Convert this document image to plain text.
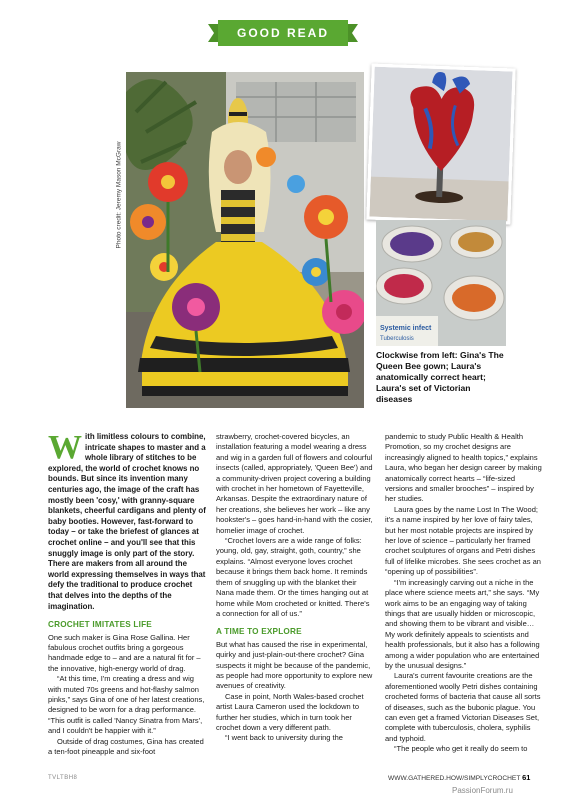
GOOD READ
Photo credit: Jeremy Mason McGraw
Systemic infect
Tuberculosis
Clockwise from left: Gina's The Queen Bee gown; Laura's anatomically correct heart; Laura's set of Victorian diseases

With limitless colours to combine, intricate shapes to master and a whole library of stitches to be explored, the world of crochet knows no bounds. But since its invention many centuries ago, the image of the craft has mostly been 'cosy,' with granny-square blankets, cheerful cardigans and plenty of baby booties. However, fast-forward to today – or take the briefest of glances at crochet online – and you'll see that this snuggly image is only part of the story. There are makers from all around the world expressing themselves in ways that defy the traditional to produce crochet that delves into the depths of the imagination.

CROCHET IMITATES LIFE

One such maker is Gina Rose Gallina. Her fabulous crochet outfits bring a gorgeous handmade edge to – and are a natural fit for – the innovative, high-energy world of drag.

“At this time, I'm creating a dress and wig with muted 70s greens and hot-flashy salmon pinks,” says Gina of one of her latest creations, designed to be worn for a drag performance. “This outfit is called 'Nancy Sinatra from Mars', and I couldn't be happier with it.”

Outside of drag costumes, Gina has created a ten-foot pineapple and six-foot

strawberry, crochet-covered bicycles, an installation featuring a model wearing a dress and wig in a garden full of flowers and colourful insects (called, appropriately, 'Queen Bee') and a community-driven project covering a building with crochet in her hometown of Fayetteville, Arkansas. Despite the extraordinary nature of her creations, she believes her work – like any hookster's – goes hand-in-hand with the cosier, homelier image of crochet.

“Crochet lovers are a wide range of folks: young, old, gay, straight, goth, country,” she explains. “Almost everyone loves crochet because it brings them back home. It reminds them of snuggling up with the blanket their Nana made them. Or the times hanging out at home while Mom crocheted or knitted. There's a connection for all of us.”

A TIME TO EXPLORE

But what has caused the rise in experimental, quirky and just-plain-out-there crochet? Gina suspects it might be because of the pandemic, as people had more opportunity to explore new avenues of creativity.

Case in point, North Wales-based crochet artist Laura Cameron used the lockdown to further her studies, which in turn took her crochet down a very different path.

“I went back to university during the

pandemic to study Public Health & Health Promotion, so my crochet designs are increasingly aligned to health topics,” explains Laura, who began her design career by making anatomically correct hearts – “life-sized versions and smaller brooches” – inspired by her studies.

Laura goes by the name Lost In The Wood; it's a name inspired by her love of fairy tales, but her most notable projects are inspired by her love of science – particularly her framed crochet sculptures of organs and Petri dishes full of lifelike microbes. She sees crochet as an “opening up of possibilities”.

“I'm increasingly carving out a niche in the place where science meets art,” she says. “My work aims to be an engaging way of taking things that are usually hidden or microscopic, and showing them to be vibrant and visible… My work definitely appeals to scientists and health professionals, but it also has a following among a wider population who are entertained by the unusual designs.”

Laura's current favourite creations are the aforementioned woolly Petri dishes containing crocheted forms of bacteria that cause all sorts of diseases, such as the bubonic plague. You can even get a framed Victorian Diseases Set, complete with tuberculosis, cholera, syphilis and typhoid.

“The people who get it really do seem to

TVLTBH8	WWW.GATHERED.HOW/SIMPLYCROCHET 61
PassionForum.ru
